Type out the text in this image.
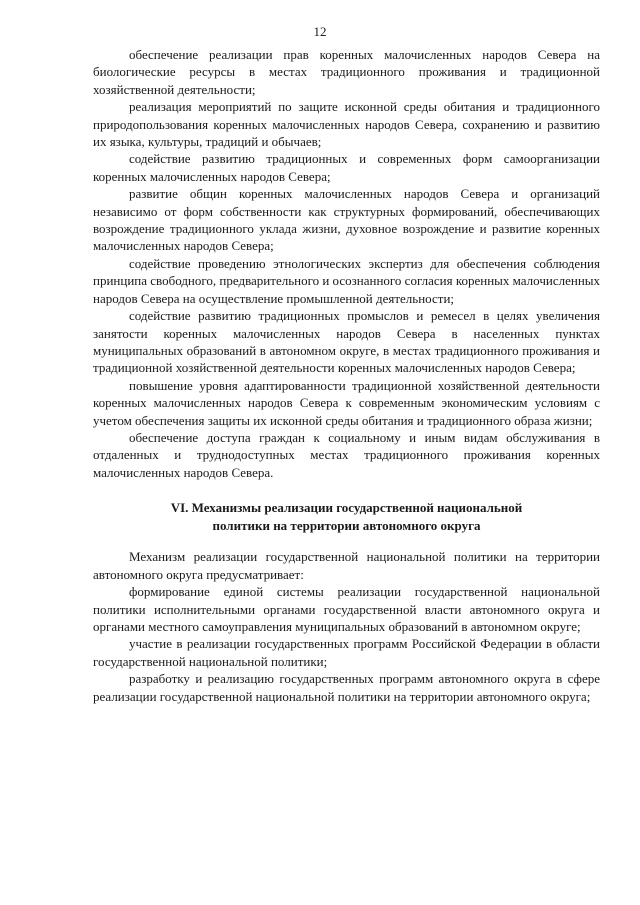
12

обеспечение реализации прав коренных малочисленных народов Севера на биологические ресурсы в местах традиционного проживания и традиционной хозяйственной деятельности;

реализация мероприятий по защите исконной среды обитания и традиционного природопользования коренных малочисленных народов Севера, сохранению и развитию их языка, культуры, традиций и обычаев;

содействие развитию традиционных и современных форм самоорганизации коренных малочисленных народов Севера;

развитие общин коренных малочисленных народов Севера и организаций независимо от форм собственности как структурных формирований, обеспечивающих возрождение традиционного уклада жизни, духовное возрождение и развитие коренных малочисленных народов Севера;

содействие проведению этнологических экспертиз для обеспечения соблюдения принципа свободного, предварительного и осознанного согласия коренных малочисленных народов Севера на осуществление промышленной деятельности;

содействие развитию традиционных промыслов и ремесел в целях увеличения занятости коренных малочисленных народов Севера в населенных пунктах муниципальных образований в автономном округе, в местах традиционного проживания и традиционной хозяйственной деятельности коренных малочисленных народов Севера;

повышение уровня адаптированности традиционной хозяйственной деятельности коренных малочисленных народов Севера к современным экономическим условиям с учетом обеспечения защиты их исконной среды обитания и традиционного образа жизни;

обеспечение доступа граждан к социальному и иным видам обслуживания в отдаленных и труднодоступных местах традиционного проживания коренных малочисленных народов Севера.

VI. Механизмы реализации государственной национальной
политики на территории автономного округа

Механизм реализации государственной национальной политики на территории автономного округа предусматривает:

формирование единой системы реализации государственной национальной политики исполнительными органами государственной власти автономного округа и органами местного самоуправления муниципальных образований в автономном округе;

участие в реализации государственных программ Российской Федерации в области государственной национальной политики;

разработку и реализацию государственных программ автономного округа в сфере реализации государственной национальной политики на территории автономного округа;
